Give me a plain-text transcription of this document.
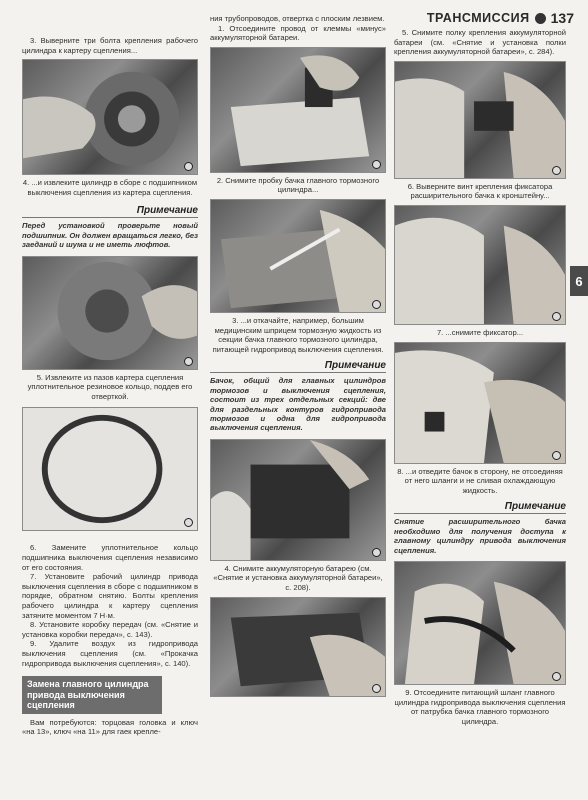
ТРАНСМИССИЯ 137
6

3. Выверните три болта крепления рабочего цилиндра к картеру сцепления...

4. ...и извлеките цилиндр в сборе с подшипником выключения сцепления из картера сцепления.

Примечание
Перед установкой проверьте новый подшипник. Он должен вращаться легко, без заеданий и шума и не иметь люфтов.

5. Извлеките из пазов картера сцепления уплотнительное резиновое кольцо, поддев его отверткой.

6. Замените уплотнительное кольцо подшипника выключения сцепления независимо от его состояния.

7. Установите рабочий цилиндр привода выключения сцепления в сборе с подшипником в порядке, обратном снятию. Болты крепления рабочего цилиндра к картеру сцепления затяните моментом 7 Н·м.

8. Установите коробку передач (см. «Снятие и установка коробки передач», с. 143).

9. Удалите воздух из гидропривода выключения сцепления (см. «Прокачка гидропривода выключения сцепления», с. 140).

Замена главного цилиндра привода выключения сцепления

Вам потребуются: торцовая головка и ключ «на 13», ключ «на 11» для гаек крепле-

ния трубопроводов, отвертка с плоским лезвием.

1. Отсоедините провод от клеммы «минус» аккумуляторной батареи.

2. Снимите пробку бачка главного тормозного цилиндра...

3. ...и откачайте, например, большим медицинским шприцем тормозную жидкость из секции бачка главного тормозного цилиндра, питающей гидропривод выключения сцепления.

Примечание
Бачок, общий для главных цилиндров тормозов и выключения сцепления, состоит из трех отдельных секций: две для раздельных контуров гидропривода тормозов и одна для гидропривода выключения сцепления.

4. Снимите аккумуляторную батарею (см. «Снятие и установка аккумуляторной батареи», с. 208).

5. Снимите полку крепления аккумуляторной батареи (см. «Снятие и установка полки крепления аккумуляторной батареи», с. 284).

6. Выверните винт крепления фиксатора расширительного бачка к кронштейну...

7. ...снимите фиксатор...

8. ...и отведите бачок в сторону, не отсоединяя от него шланги и не сливая охлаждающую жидкость.

Примечание
Снятие расширительного бачка необходимо для получения доступа к главному цилиндру привода выключения сцепления.

9. Отсоедините питающий шланг главного цилиндра гидропривода выключения сцепления от патрубка бачка главного тормозного цилиндра.
